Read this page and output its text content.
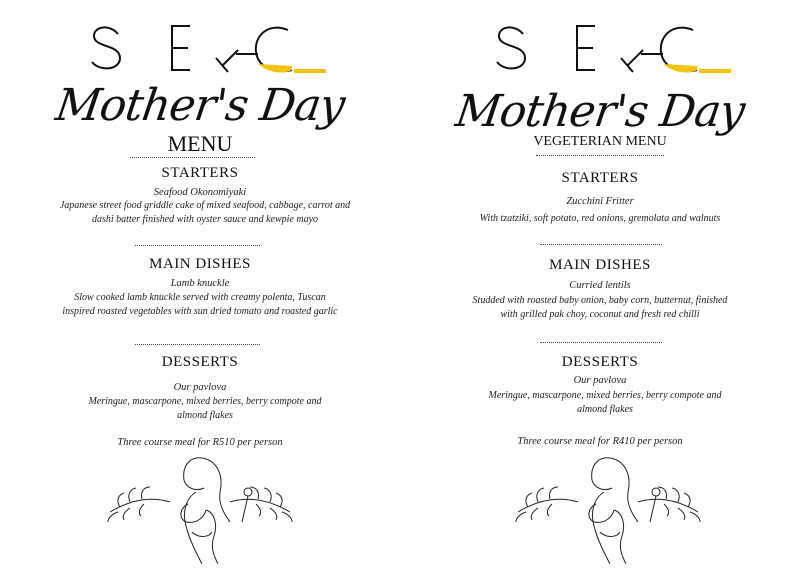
Mother's Day
MENU
STARTERS
Seafood Okonomiyaki
Japanese street food griddle cake of mixed seafood, cabbage, carrot and dashi batter finished with oyster sauce and kewpie mayo
MAIN DISHES
Lamb knuckle
Slow cooked lamb knuckle served with creamy polenta, Tuscan inspired roasted vegetables with sun dried tomato and roasted garlic
DESSERTS
Our pavlova
Meringue, mascarpone, mixed berries, berry compote and almond flakes
Three course meal for R510 per person
Mother's Day
VEGETERIAN MENU
STARTERS
Zucchini Fritter
With tzatziki, soft potato, red onions, gremolata and walnuts
MAIN DISHES
Curried lentils
Studded with roasted baby onion, baby corn, butternut, finished with grilled pak choy, coconut and fresh red chilli
DESSERTS
Our pavlova
Meringue, mascarpone, mixed berries, berry compote and almond flakes
Three course meal for R410 per person
